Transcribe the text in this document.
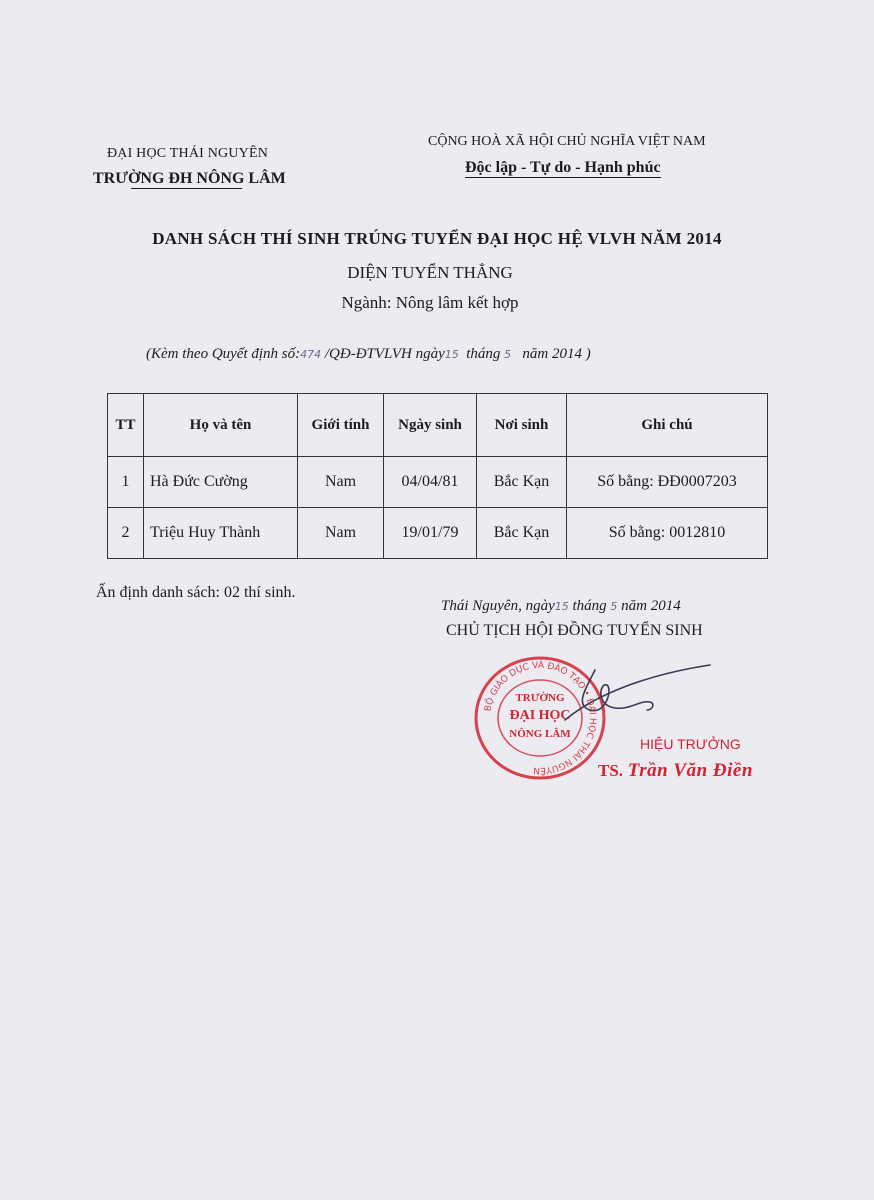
ĐẠI HỌC THÁI NGUYÊN
TRƯỜNG ĐH NÔNG LÂM
CỘNG HOÀ XÃ HỘI CHỦ NGHĨA VIỆT NAM
Độc lập - Tự do - Hạnh phúc
DANH SÁCH THÍ SINH TRÚNG TUYỂN ĐẠI HỌC HỆ VLVH NĂM 2014
DIỆN TUYỂN THẲNG
Ngành: Nông lâm kết hợp
(Kèm theo Quyết định số:474 /QĐ-ĐTVLVH ngày15 tháng 5 năm 2014 )
TT	Họ và tên	Giới tính	Ngày sinh	Nơi sinh	Ghi chú
1	Hà Đức Cường	Nam	04/04/81	Bắc Kạn	Số bằng: ĐĐ0007203
2	Triệu Huy Thành	Nam	19/01/79	Bắc Kạn	Số bằng: 0012810
Ấn định danh sách: 02 thí sinh.
Thái Nguyên, ngày15 tháng 5 năm 2014
CHỦ TỊCH HỘI ĐỒNG TUYỂN SINH
BỘ GIÁO DỤC VÀ ĐÀO TẠO • ĐẠI HỌC THÁI NGUYÊN
TRƯỜNG
ĐẠI HỌC
NÔNG LÂM
HIỆU TRƯỞNG
TS. Trần Văn Điền
